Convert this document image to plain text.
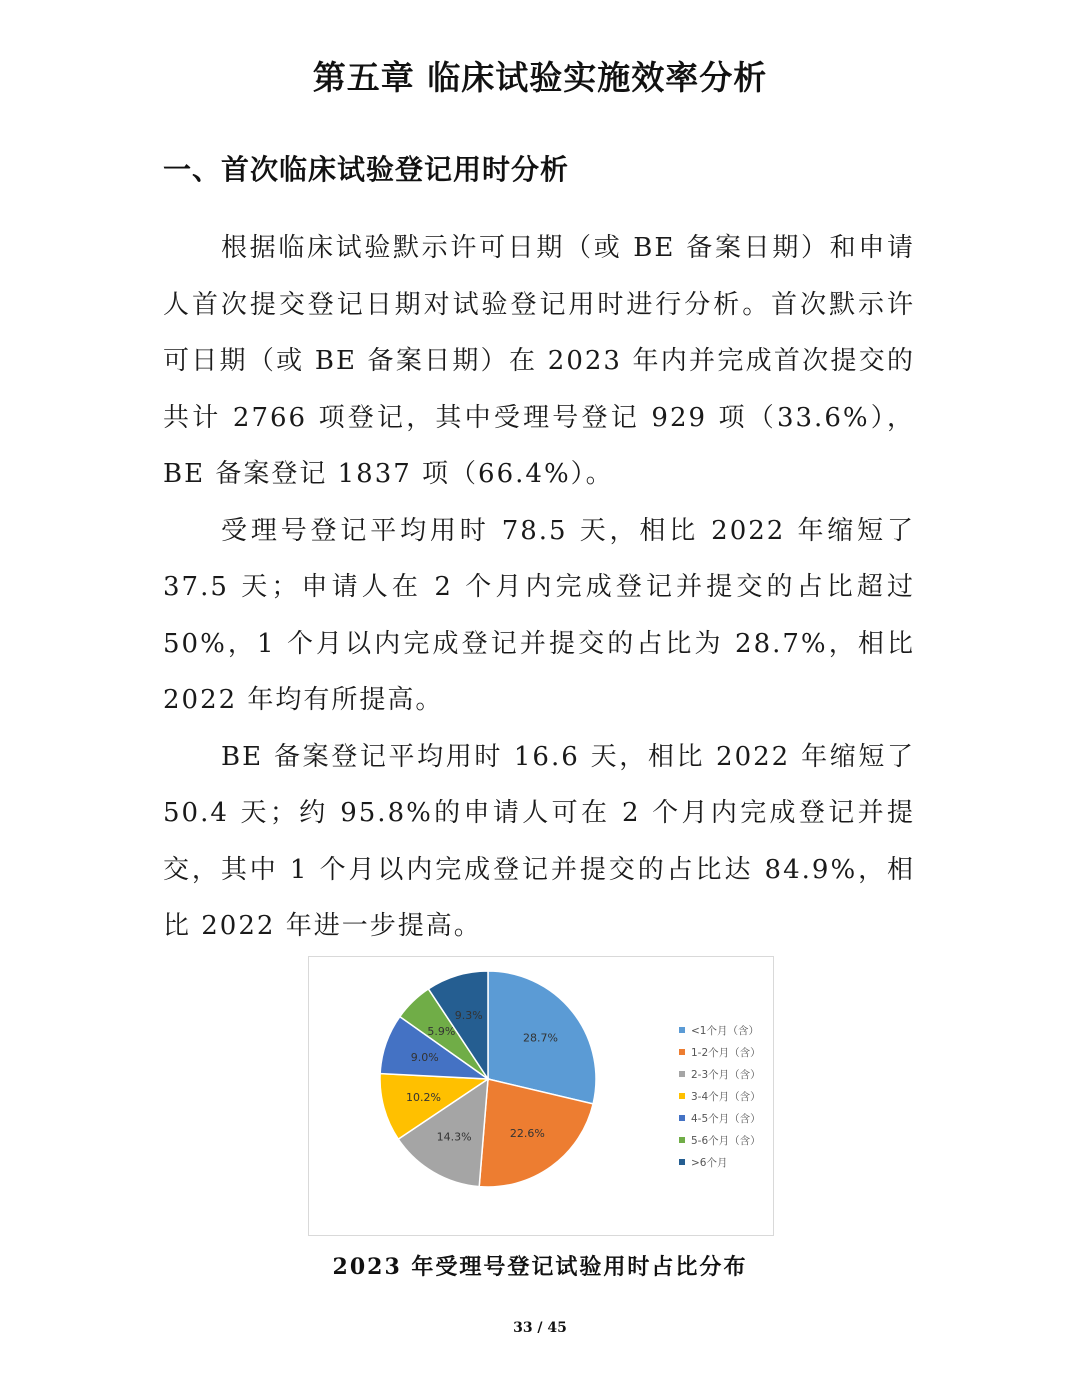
第五章 临床试验实施效率分析
一、首次临床试验登记用时分析

根据临床试验默示许可日期（或 BE 备案日期）和申请人首次提交登记日期对试验登记用时进行分析。首次默示许可日期（或 BE 备案日期）在 2023 年内并完成首次提交的共计 2766 项登记，其中受理号登记 929 项（33.6%），BE 备案登记 1837 项（66.4%）。

受理号登记平均用时 78.5 天，相比 2022 年缩短了 37.5 天；申请人在 2 个月内完成登记并提交的占比超过 50%，1 个月以内完成登记并提交的占比为 28.7%，相比 2022 年均有所提高。

BE 备案登记平均用时 16.6 天，相比 2022 年缩短了 50.4 天；约 95.8%的申请人可在 2 个月内完成登记并提交，其中 1 个月以内完成登记并提交的占比达 84.9%，相比 2022 年进一步提高。

28.7%
22.6%
14.3%
10.2%
9.0%
5.9%
9.3%
<1个月（含）
1-2个月（含）
2-3个月（含）
3-4个月（含）
4-5个月（含）
5-6个月（含）
>6个月
2023 年受理号登记试验用时占比分布
33 / 45
